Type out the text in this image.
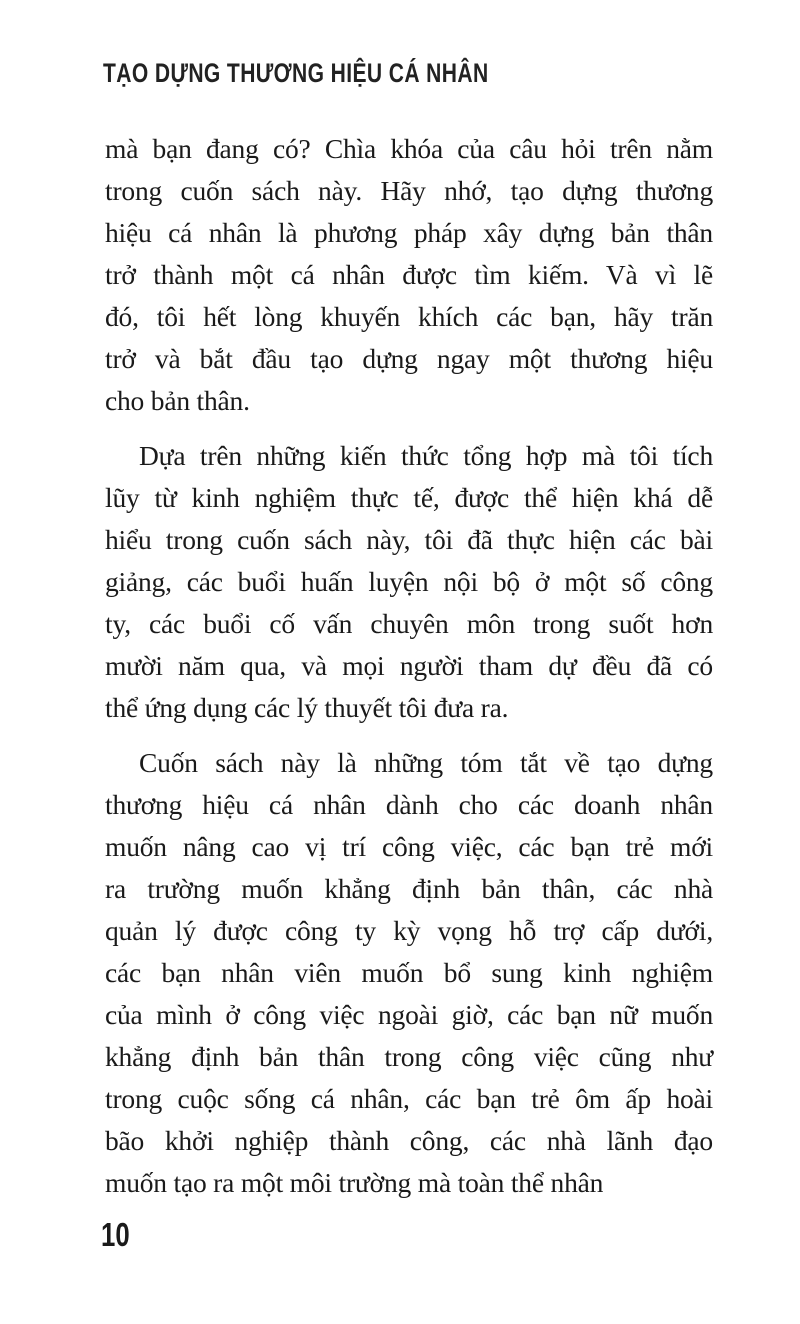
TẠO DỰNG THƯƠNG HIỆU CÁ NHÂN
mà bạn đang có? Chìa khóa của câu hỏi trên nằm
trong cuốn sách này. Hãy nhớ, tạo dựng thương
hiệu cá nhân là phương pháp xây dựng bản thân
trở thành một cá nhân được tìm kiếm. Và vì lẽ
đó, tôi hết lòng khuyến khích các bạn, hãy trăn
trở và bắt đầu tạo dựng ngay một thương hiệu
cho bản thân.
Dựa trên những kiến thức tổng hợp mà tôi tích
lũy từ kinh nghiệm thực tế, được thể hiện khá dễ
hiểu trong cuốn sách này, tôi đã thực hiện các bài
giảng, các buổi huấn luyện nội bộ ở một số công
ty, các buổi cố vấn chuyên môn trong suốt hơn
mười năm qua, và mọi người tham dự đều đã có
thể ứng dụng các lý thuyết tôi đưa ra.
Cuốn sách này là những tóm tắt về tạo dựng
thương hiệu cá nhân dành cho các doanh nhân
muốn nâng cao vị trí công việc, các bạn trẻ mới
ra trường muốn khẳng định bản thân, các nhà
quản lý được công ty kỳ vọng hỗ trợ cấp dưới,
các bạn nhân viên muốn bổ sung kinh nghiệm
của mình ở công việc ngoài giờ, các bạn nữ muốn
khẳng định bản thân trong công việc cũng như
trong cuộc sống cá nhân, các bạn trẻ ôm ấp hoài
bão khởi nghiệp thành công, các nhà lãnh đạo
muốn tạo ra một môi trường mà toàn thể nhân
10
